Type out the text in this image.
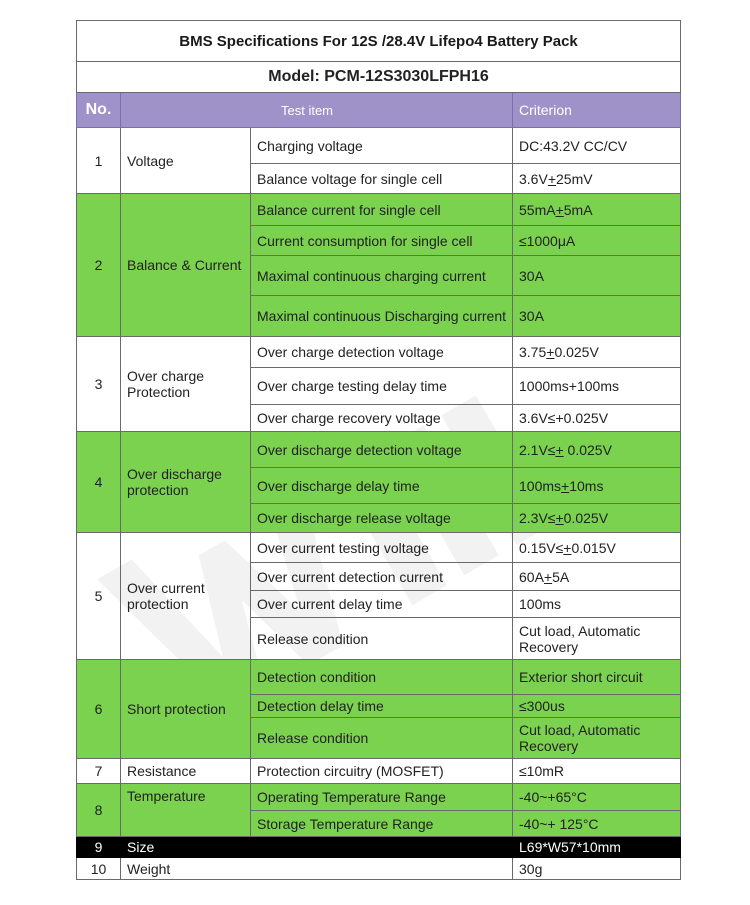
BMS Specifications For 12S /28.4V Lifepo4 Battery Pack			
Model: PCM-12S3030LFPH16			
No.	Test item		Criterion
1	Voltage	Charging voltage	DC:43.2V CC/CV
		Balance voltage for single cell	3.6V+25mV
2	Balance & Current	Balance current for single cell	55mA+5mA
		Current consumption for single cell	≤1000μA
		Maximal continuous charging current	30A
		Maximal continuous Discharging current	30A
3	Over charge Protection	Over charge detection voltage	3.75+0.025V
		Over charge testing delay time	1000ms+100ms
		Over charge recovery voltage	3.6V≤+0.025V
4	Over discharge protection	Over discharge detection voltage	2.1V≤+ 0.025V
		Over discharge delay time	100ms+10ms
		Over discharge release voltage	2.3V≤+0.025V
5	Over current protection	Over current testing voltage	0.15V≤+0.015V
		Over current detection current	60A+5A
		Over current delay time	100ms
		Release condition	Cut load, Automatic Recovery
6	Short protection	Detection condition	Exterior short circuit
		Detection delay time	≤300us
		Release condition	Cut load, Automatic Recovery
7	Resistance	Protection circuitry (MOSFET)	≤10mR
8	Temperature	Operating Temperature Range	-40~+65°C
		Storage Temperature Range	-40~+ 125°C
9	Size		L69*W57*10mm
10	Weight		30g
